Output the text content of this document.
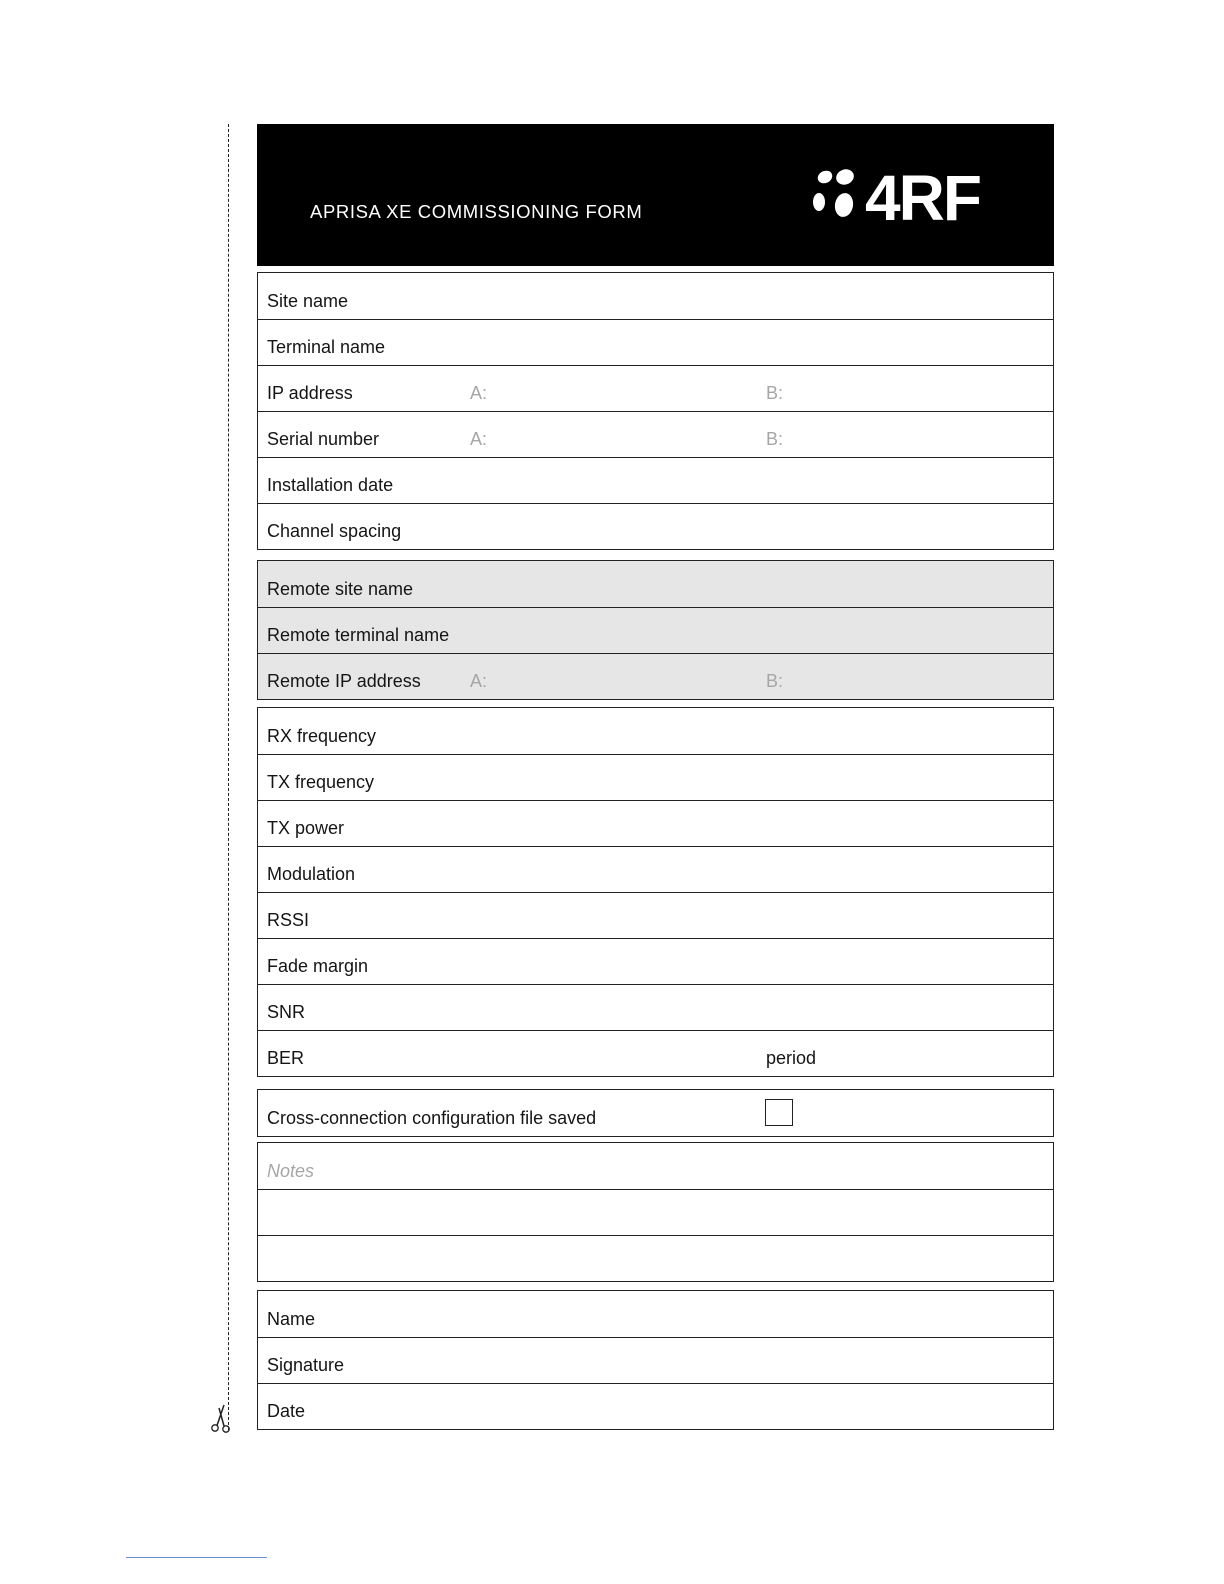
APRISA XE COMMISSIONING FORM	4RF
Site name
Terminal name
IP address	A:	B:
Serial number	A:	B:
Installation date
Channel spacing
Remote site name
Remote terminal name
Remote IP address	A:	B:
RX frequency
TX frequency
TX power
Modulation
RSSI
Fade margin
SNR
BER	period
Cross-connection configuration file saved
Notes
Name
Signature
Date
